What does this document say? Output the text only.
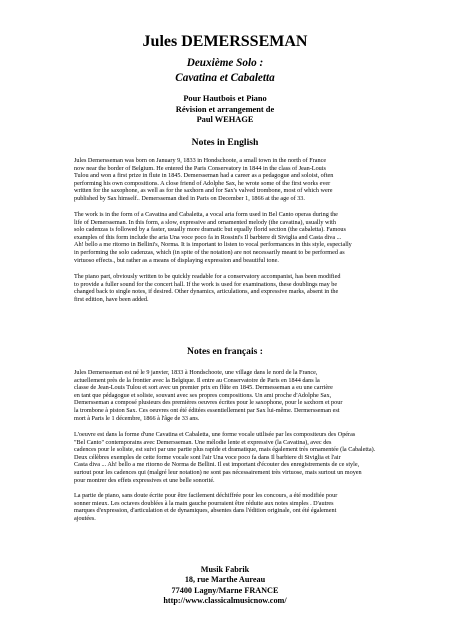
Jules DEMERSSEMAN
Deuxième Solo :
Cavatina et Cabaletta
Pour Hautbois et Piano
Révision et arrangement de
Paul WEHAGE
Notes in English

Jules Demersseman was born on January 9, 1833 in Hondschoote, a small town in the north of France
now near the border of Belgium. He entered the Paris Conservatory in 1844 in the class of Jean-Louis
Tulou and won a first prize in flute in 1845. Demersseman had a career as a pedagogue and soloist, often
performing his own compositions. A close friend of Adolphe Sax, he wrote some of the first works ever
written for the saxophone, as well as for the saxhorn and for Sax's valved trombone, most of which were
published by Sax himself.. Demersseman died in Paris on December 1, 1866 at the age of 33.

The work is in the form of a Cavatina and Cabaletta, a vocal aria form used in Bel Canto operas during the
life of Demersseman. In this form, a slow, expressive and ornamented melody (the cavatina), usually with
solo cadenzas is followed by a faster, usually more dramatic but equally florid section (the cabaletta). Famous
examples of this form include the aria Una voce poco fa in Rossini's Il barbiere di Siviglia and Casta diva ...
Ah! bello a me ritorno in Bellini's, Norma. It is important to listen to vocal performances in this style, especially
in performing the solo cadenzas, which (in spite of the notation) are not necessarily meant to be performed as
virtuoso effects., but rather as a means of displaying expression and beautiful tone.

The piano part, obviously written to be quickly readable for a conservatory accompanist, has been modified
to provide a fuller sound for the concert hall. If the work is used for examinations, these doublings may be
changed back to single notes, if desired. Other dynamics, articulations, and expressive marks, absent in the
first edition, have been added.

Notes en français :

Jules Demersseman est né le 9 janvier, 1833 à Hondschoote, une village dans le nord de la France,
actuellement près de la frontier avec la Belgique. Il entre au Conservatoire de Paris en 1844 dans la
classe de Jean-Louis Tulou et sort avec un premier prix en flûte en 1845. Dermesseman a eu une carrière
en tant que pédagogue et soliste, souvant avec ses propres compositions. Un ami proche d'Adolphe Sax,
Demersseman a composé plusieurs des premières oeuvres écrites pour le saxophone, pour le saxhorn et pour
la trombone à piston Sax. Ces oeuvres ont été éditées essentiellement par Sax lui-même. Dermersseman est
mort à Paris le 1 décembre, 1866 à l'âge de 33 ans.

L'oeuvre est dans la forme d'une Cavatina et Cabaletta, une forme vocale utilisée par les compositeurs des Opéras
"Bel Canto" contemporains avec Demersseman. Une mélodie lente et expressive (la Cavatina), avec des
cadences pour le soliste, est suivi par une partie plus rapide et dramatique, mais également très ornamentée (la Cabaletta).
Deux célèbres exemples de cette forme vocale sont l'air Una voce poco fa dans Il barbiere di Siviglia et l'air
Casta diva ... Ah! bello a me ritorno de Norma de Bellini. Il est important d'écouter des enregistrements de ce style,
surtout pour les cadences qui (malgré leur notation) ne sont pas nécessairement très virtuose, mais surtout un moyen
pour montrer des effets expressives et une belle sonorité.

La partie de piano, sans doute écrite pour être facilement déchiffrée pour les concours, a été modifiée pour
sonner mieux. Les octaves doublées à la main gauche pourraient être réduite aux notes simples . D'autres
marques d'expression, d'articulation et de dynamiques, absentes dans l'édition originale, ont été également
ajoutées.

Musik Fabrik
18, rue Marthe Aureau
77400 Lagny/Marne FRANCE
http://www.classicalmusicnow.com/
